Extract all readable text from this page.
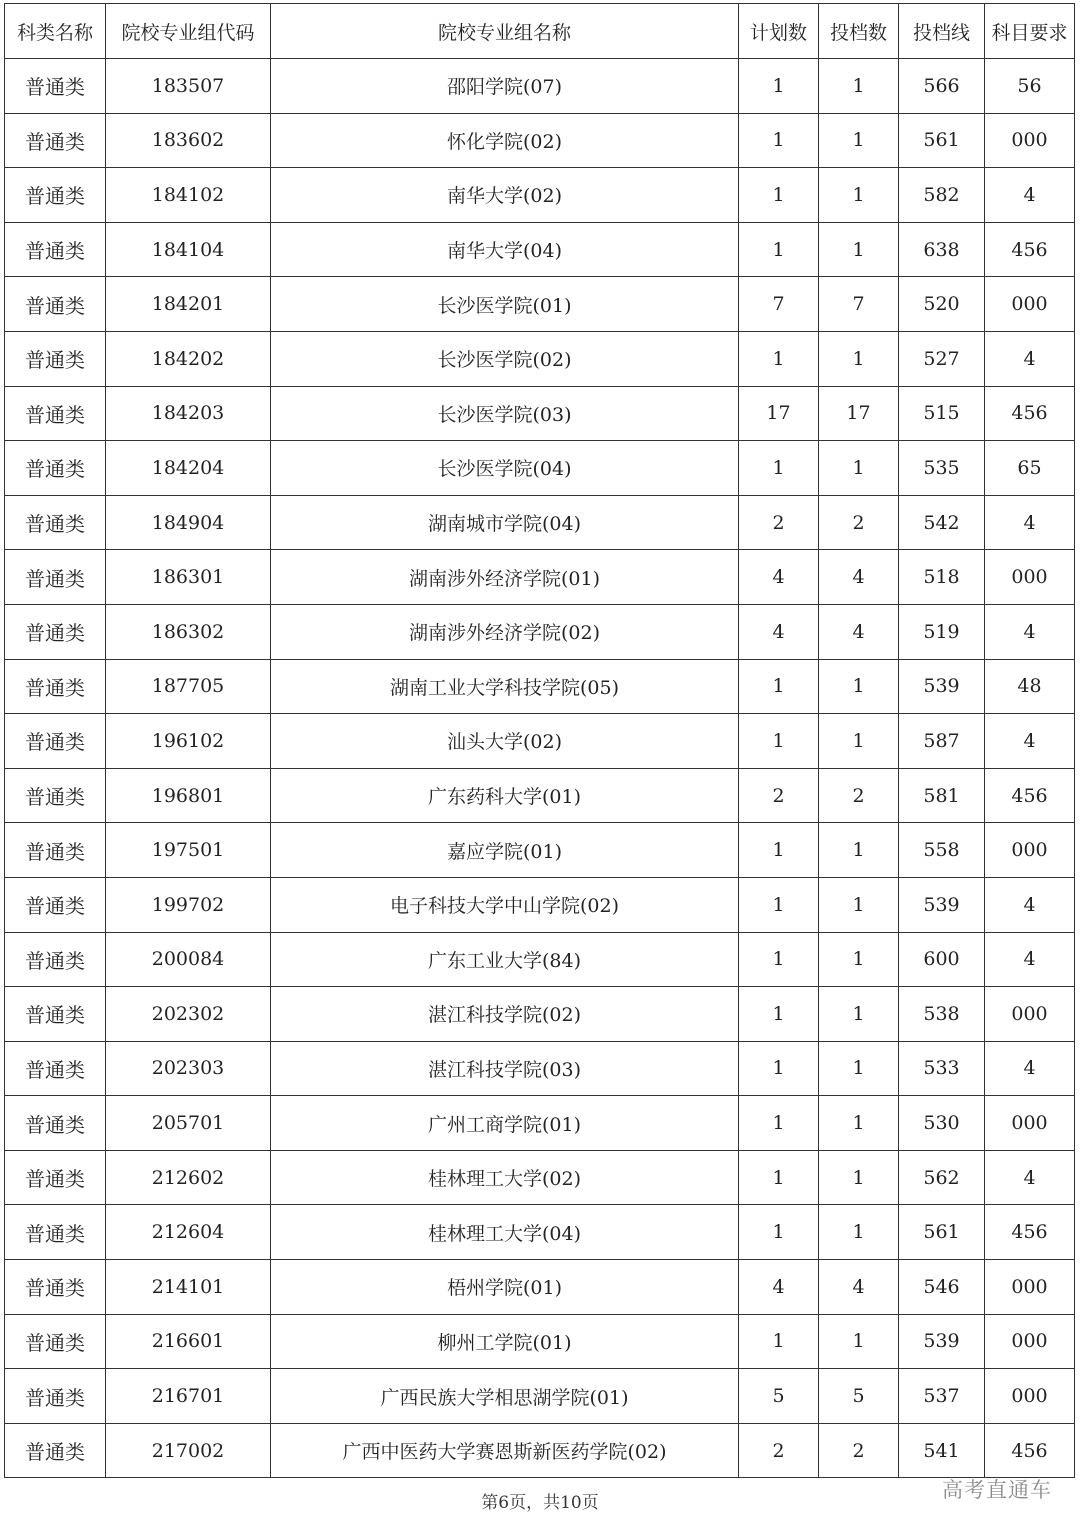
科类名称	院校专业组代码	院校专业组名称	计划数	投档数	投档线	科目要求
普通类	183507	邵阳学院(07)	1	1	566	56
普通类	183602	怀化学院(02)	1	1	561	000
普通类	184102	南华大学(02)	1	1	582	4
普通类	184104	南华大学(04)	1	1	638	456
普通类	184201	长沙医学院(01)	7	7	520	000
普通类	184202	长沙医学院(02)	1	1	527	4
普通类	184203	长沙医学院(03)	17	17	515	456
普通类	184204	长沙医学院(04)	1	1	535	65
普通类	184904	湖南城市学院(04)	2	2	542	4
普通类	186301	湖南涉外经济学院(01)	4	4	518	000
普通类	186302	湖南涉外经济学院(02)	4	4	519	4
普通类	187705	湖南工业大学科技学院(05)	1	1	539	48
普通类	196102	汕头大学(02)	1	1	587	4
普通类	196801	广东药科大学(01)	2	2	581	456
普通类	197501	嘉应学院(01)	1	1	558	000
普通类	199702	电子科技大学中山学院(02)	1	1	539	4
普通类	200084	广东工业大学(84)	1	1	600	4
普通类	202302	湛江科技学院(02)	1	1	538	000
普通类	202303	湛江科技学院(03)	1	1	533	4
普通类	205701	广州工商学院(01)	1	1	530	000
普通类	212602	桂林理工大学(02)	1	1	562	4
普通类	212604	桂林理工大学(04)	1	1	561	456
普通类	214101	梧州学院(01)	4	4	546	000
普通类	216601	柳州工学院(01)	1	1	539	000
普通类	216701	广西民族大学相思湖学院(01)	5	5	537	000
普通类	217002	广西中医药大学赛恩斯新医药学院(02)	2	2	541	456
第6页，共10页
高考直通车
